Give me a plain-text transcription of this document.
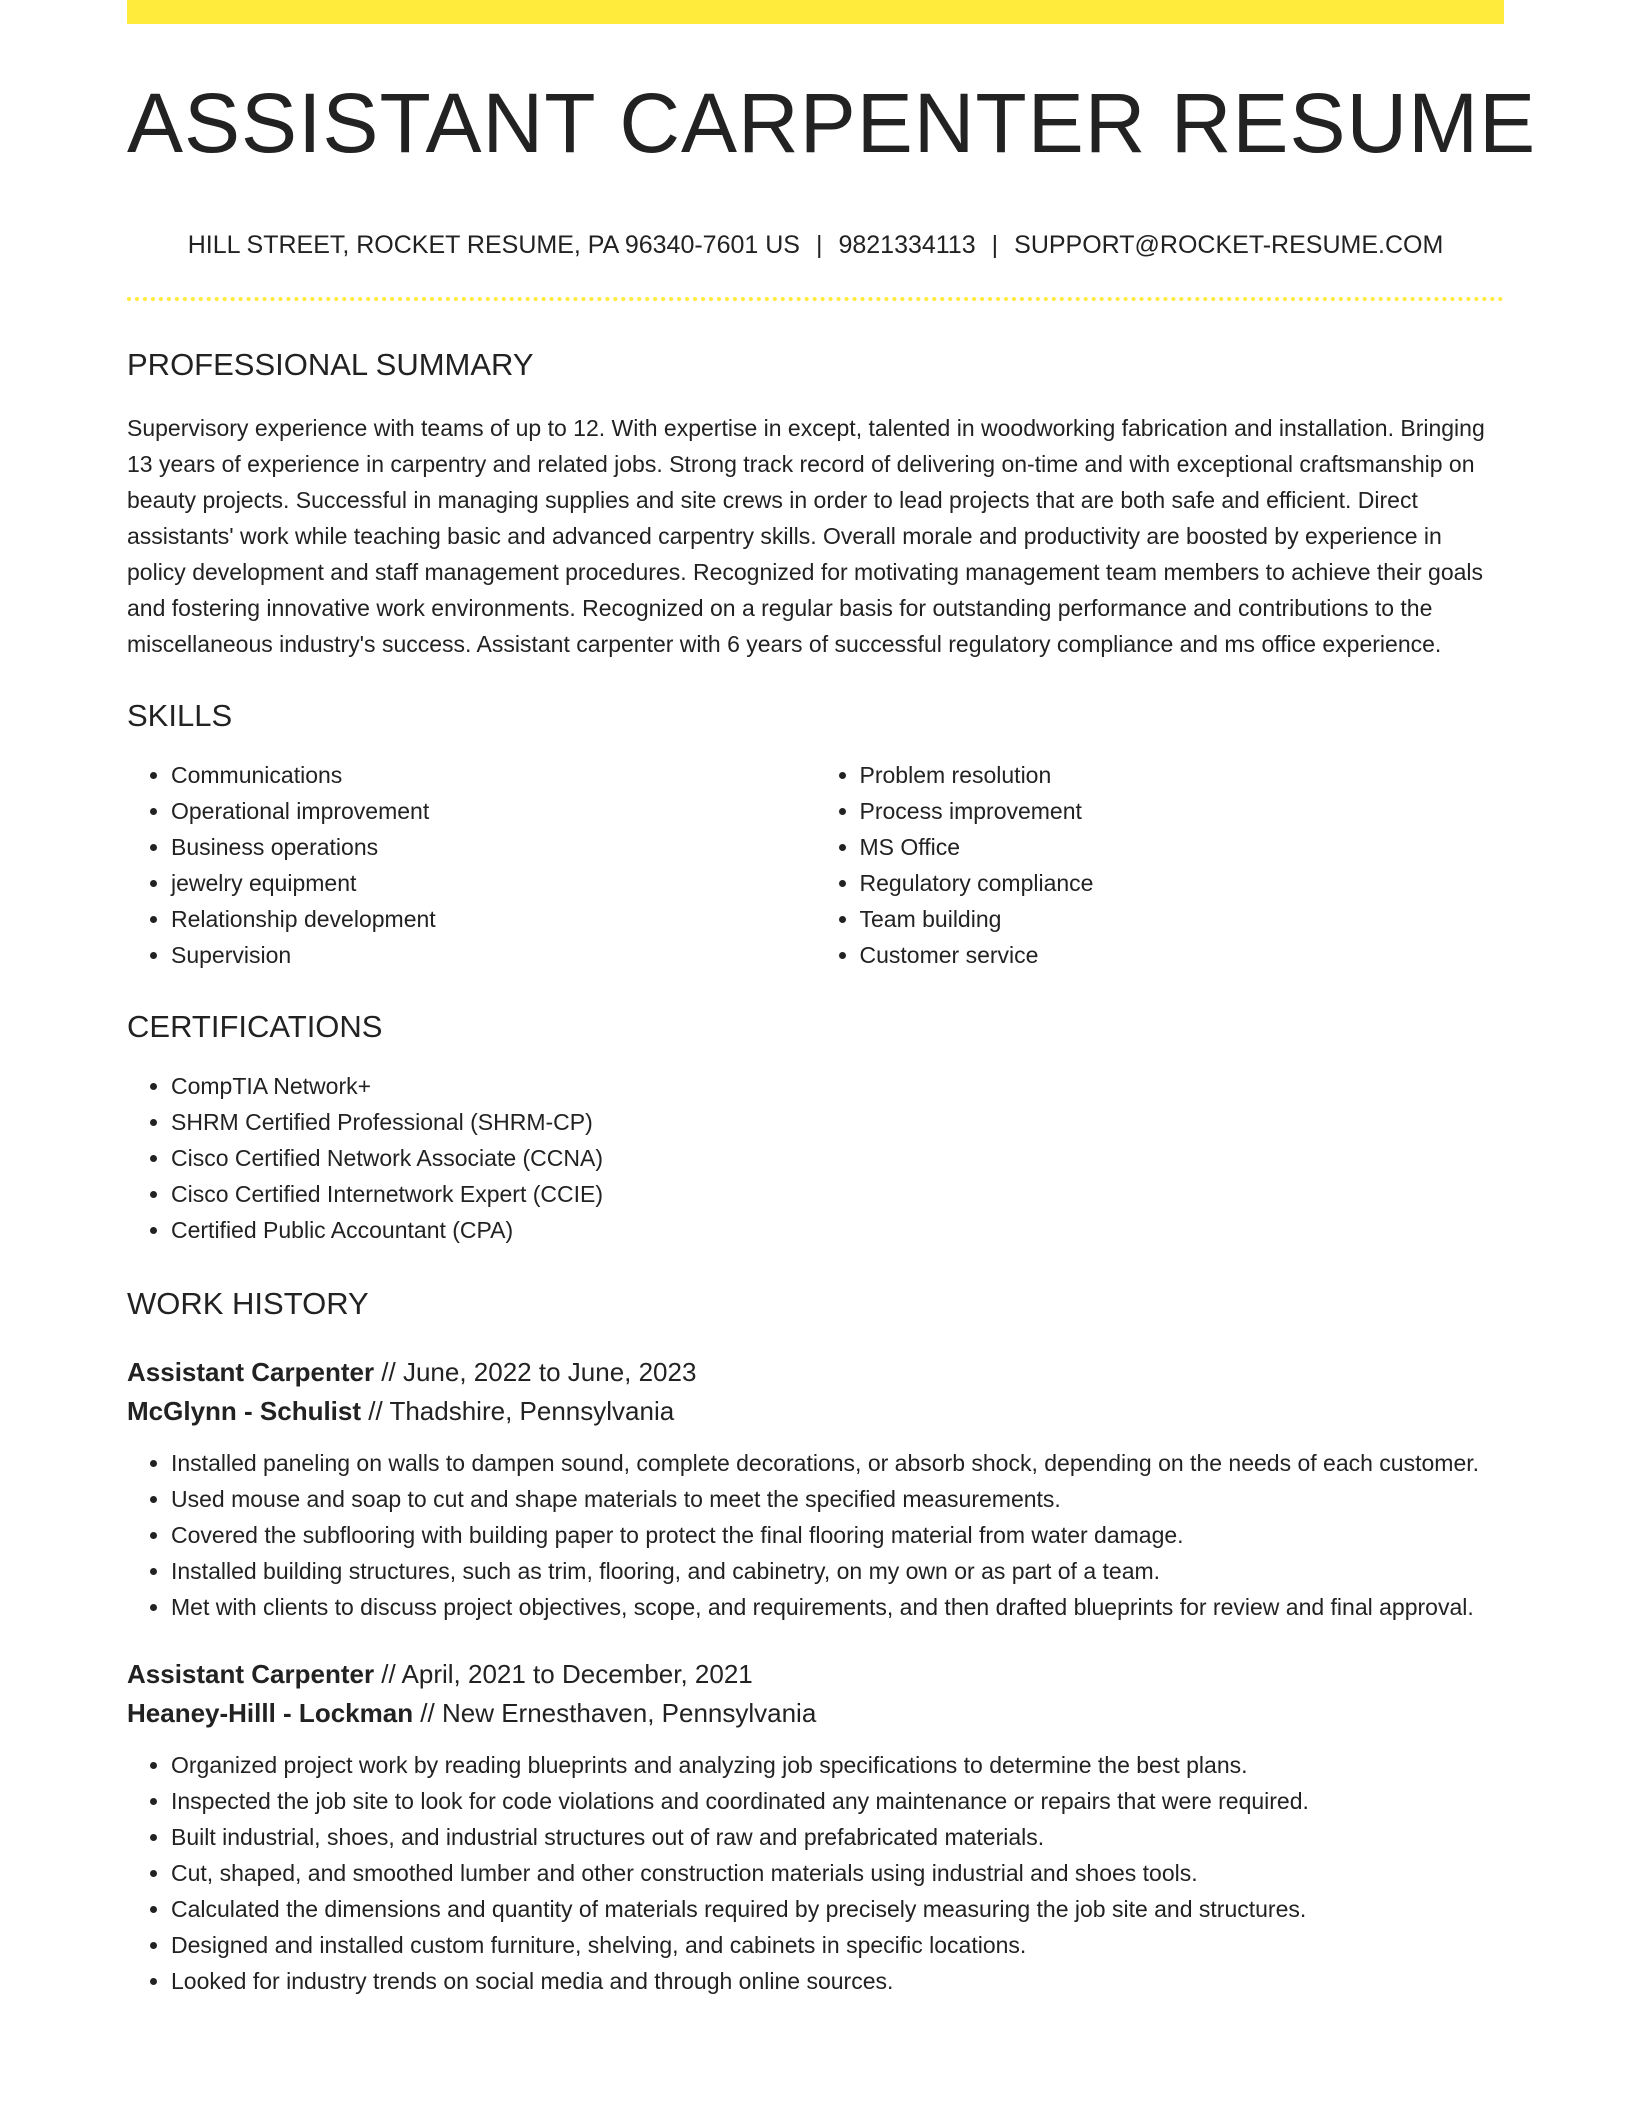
ASSISTANT CARPENTER RESUME
HILL STREET, ROCKET RESUME, PA 96340-7601 US | 9821334113 | SUPPORT@ROCKET-RESUME.COM
PROFESSIONAL SUMMARY

Supervisory experience with teams of up to 12. With expertise in except, talented in woodworking fabrication and installation. Bringing 13 years of experience in carpentry and related jobs. Strong track record of delivering on-time and with exceptional craftsmanship on beauty projects. Successful in managing supplies and site crews in order to lead projects that are both safe and efficient. Direct assistants' work while teaching basic and advanced carpentry skills. Overall morale and productivity are boosted by experience in policy development and staff management procedures. Recognized for motivating management team members to achieve their goals and fostering innovative work environments. Recognized on a regular basis for outstanding performance and contributions to the miscellaneous industry's success. Assistant carpenter with 6 years of successful regulatory compliance and ms office experience.

SKILLS
• Communications
• Operational improvement
• Business operations
• jewelry equipment
• Relationship development
• Supervision
• Problem resolution
• Process improvement
• MS Office
• Regulatory compliance
• Team building
• Customer service
CERTIFICATIONS
• CompTIA Network+
• SHRM Certified Professional (SHRM-CP)
• Cisco Certified Network Associate (CCNA)
• Cisco Certified Internetwork Expert (CCIE)
• Certified Public Accountant (CPA)
WORK HISTORY
Assistant Carpenter // June, 2022 to June, 2023
McGlynn - Schulist // Thadshire, Pennsylvania
• Installed paneling on walls to dampen sound, complete decorations, or absorb shock, depending on the needs of each customer.
• Used mouse and soap to cut and shape materials to meet the specified measurements.
• Covered the subflooring with building paper to protect the final flooring material from water damage.
• Installed building structures, such as trim, flooring, and cabinetry, on my own or as part of a team.
• Met with clients to discuss project objectives, scope, and requirements, and then drafted blueprints for review and final approval.
Assistant Carpenter // April, 2021 to December, 2021
Heaney-Hilll - Lockman // New Ernesthaven, Pennsylvania
• Organized project work by reading blueprints and analyzing job specifications to determine the best plans.
• Inspected the job site to look for code violations and coordinated any maintenance or repairs that were required.
• Built industrial, shoes, and industrial structures out of raw and prefabricated materials.
• Cut, shaped, and smoothed lumber and other construction materials using industrial and shoes tools.
• Calculated the dimensions and quantity of materials required by precisely measuring the job site and structures.
• Designed and installed custom furniture, shelving, and cabinets in specific locations.
• Looked for industry trends on social media and through online sources.
